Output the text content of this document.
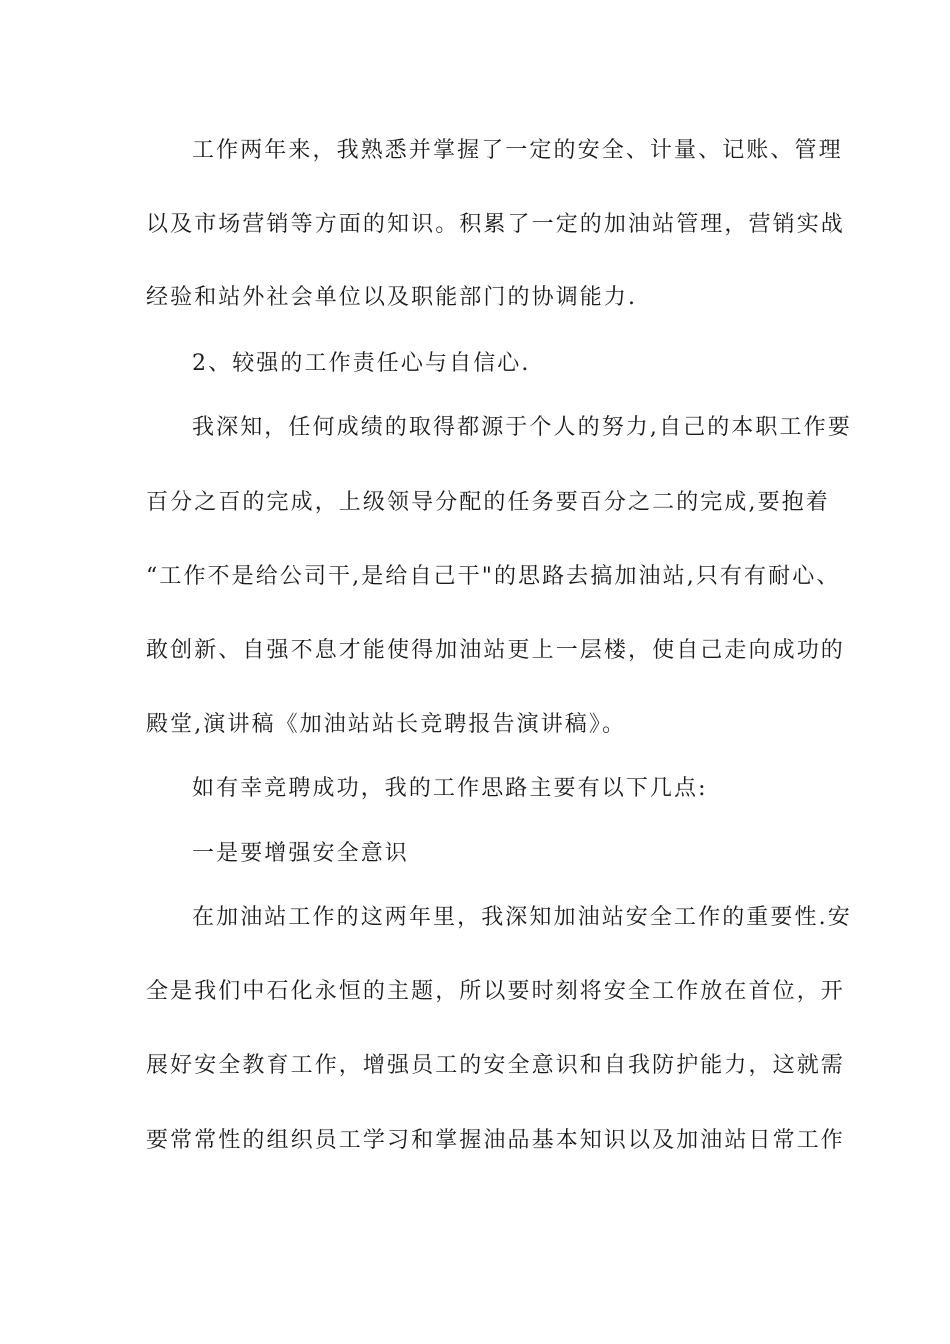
工作两年来，我熟悉并掌握了一定的安全、计量、记账、管理
以及市场营销等方面的知识。积累了一定的加油站管理，营销实战
经验和站外社会单位以及职能部门的协调能力.
2、较强的工作责任心与自信心.
我深知，任何成绩的取得都源于个人的努力,自己的本职工作要
百分之百的完成，上级领导分配的任务要百分之二的完成,要抱着
“工作不是给公司干,是给自己干"的思路去搞加油站,只有有耐心、
敢创新、自强不息才能使得加油站更上一层楼，使自己走向成功的
殿堂,演讲稿《加油站站长竞聘报告演讲稿》。
如有幸竞聘成功，我的工作思路主要有以下几点:
一是要增强安全意识
在加油站工作的这两年里，我深知加油站安全工作的重要性.安
全是我们中石化永恒的主题，所以要时刻将安全工作放在首位，开
展好安全教育工作，增强员工的安全意识和自我防护能力，这就需
要常常性的组织员工学习和掌握油品基本知识以及加油站日常工作
